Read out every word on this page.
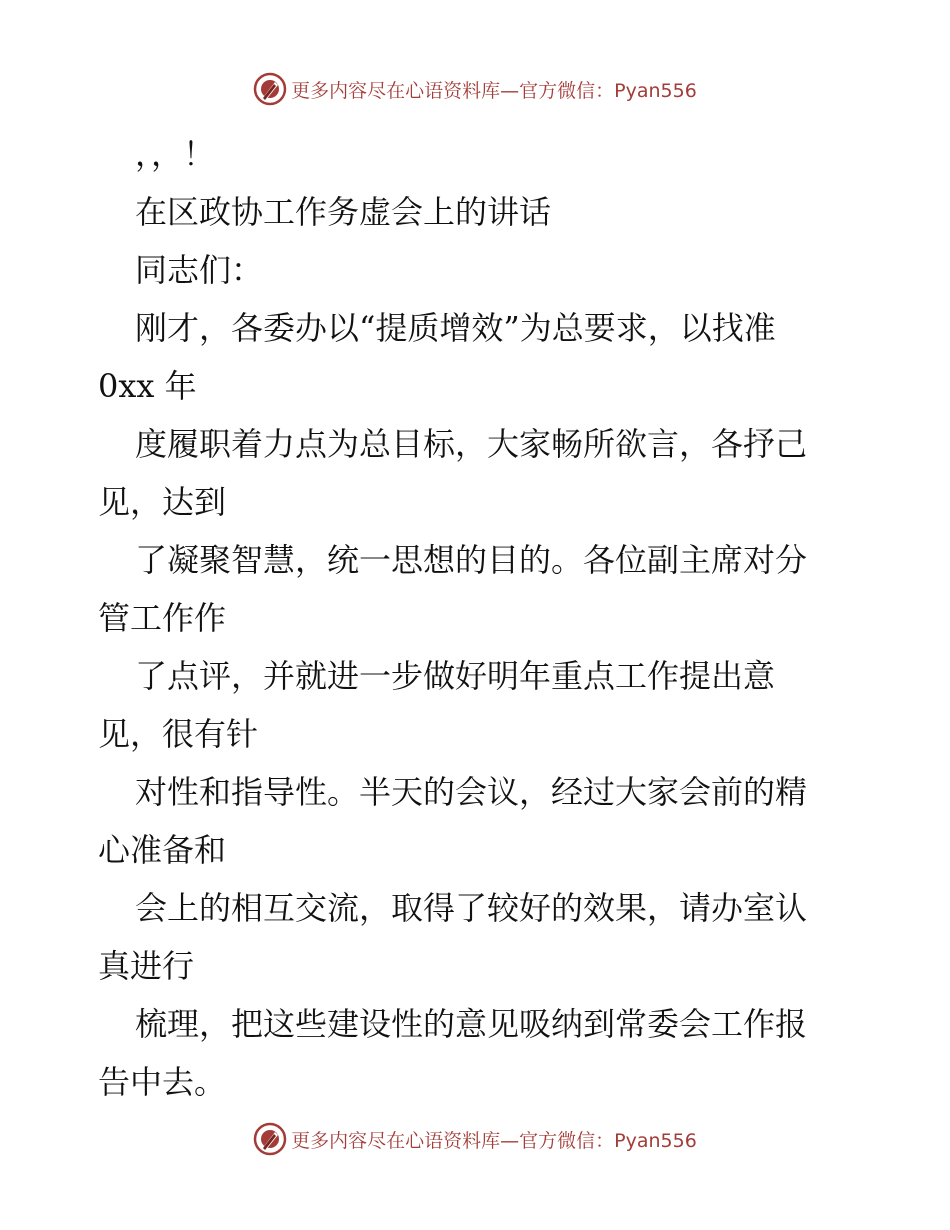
更多内容尽在心语资料库—官方微信：Pyan556
，，！
在区政协工作务虚会上的讲话
同志们：
刚才，各委办以“提质增效”为总要求，以找准
0xx 年
度履职着力点为总目标，大家畅所欲言，各抒己
见，达到
了凝聚智慧，统一思想的目的。各位副主席对分
管工作作
了点评，并就进一步做好明年重点工作提出意
见，很有针
对性和指导性。半天的会议，经过大家会前的精
心准备和
会上的相互交流，取得了较好的效果，请办室认
真进行
梳理，把这些建设性的意见吸纳到常委会工作报
告中去。
更多内容尽在心语资料库—官方微信：Pyan556
